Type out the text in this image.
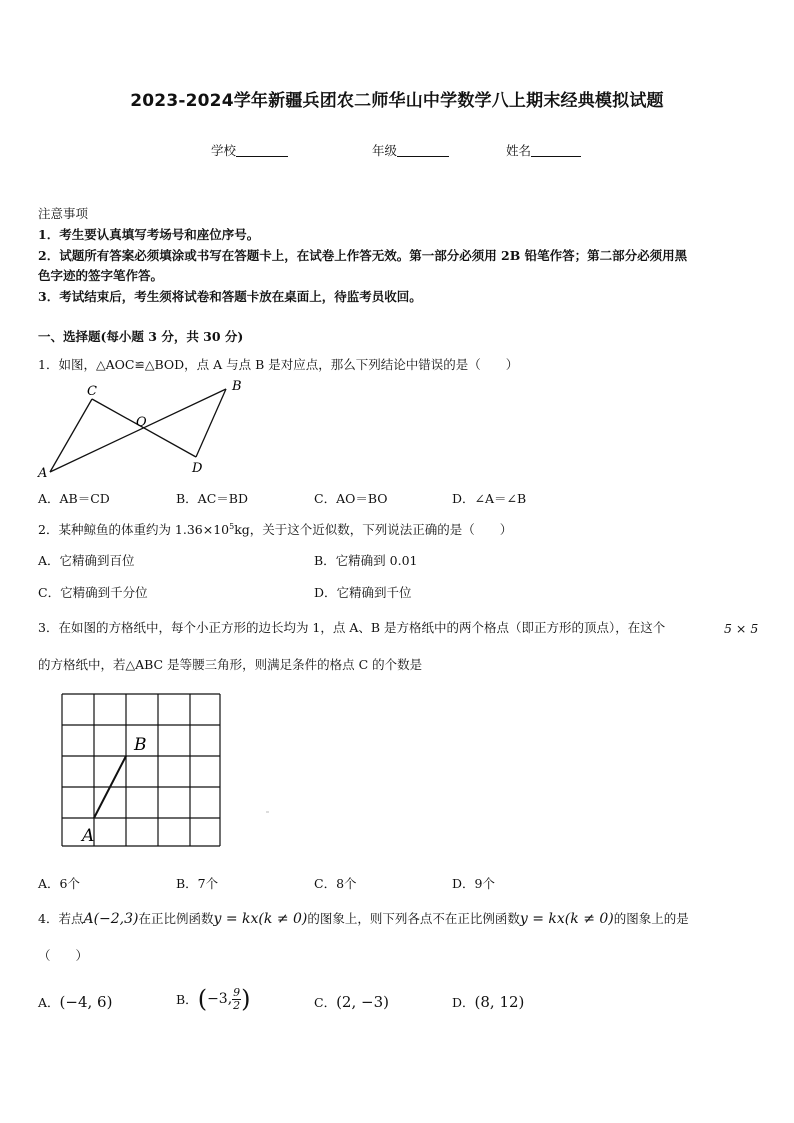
2023-2024学年新疆兵团农二师华山中学数学八上期末经典模拟试题
学校	年级	姓名
注意事项
1．考生要认真填写考场号和座位序号。
2．试题所有答案必须填涂或书写在答题卡上，在试卷上作答无效。第一部分必须用 2B 铅笔作答；第二部分必须用黑
色字迹的签字笔作答。
3．考试结束后，考生须将试卷和答题卡放在桌面上，待监考员收回。
一、选择题(每小题 3 分，共 30 分)
1．如图，△AOC≌△BOD，点 A 与点 B 是对应点，那么下列结论中错误的是（　　）
A
C
O
B
D
A．AB＝CD	B．AC＝BD	C．AO＝BO	D．∠A＝∠B
2．某种鲸鱼的体重约为 $1.36\times 10^5kg$，关于这个近似数，下列说法正确的是（　　）
A．它精确到百位	B．它精确到 0.01
C．它精确到千分位	D．它精确到千位
3．在如图的方格纸中，每个小正方形的边长均为 1，点 A、B 是方格纸中的两个格点（即正方形的顶点），在这个	5 × 5
的方格纸中，若△ABC 是等腰三角形，则满足条件的格点 C 的个数是
A
B
A．6个	B．7个	C．8个	D．9个
4．若点A(−2,3)在正比例函数y = kx(k ≠ 0)的图象上，则下列各点不在正比例函数y = kx(k ≠ 0)的图象上的是
（　　）
A．(−4, 6)	B．(−3, $\frac{9}{2}$ )	C．(2, −3)	D．(8, 12)
